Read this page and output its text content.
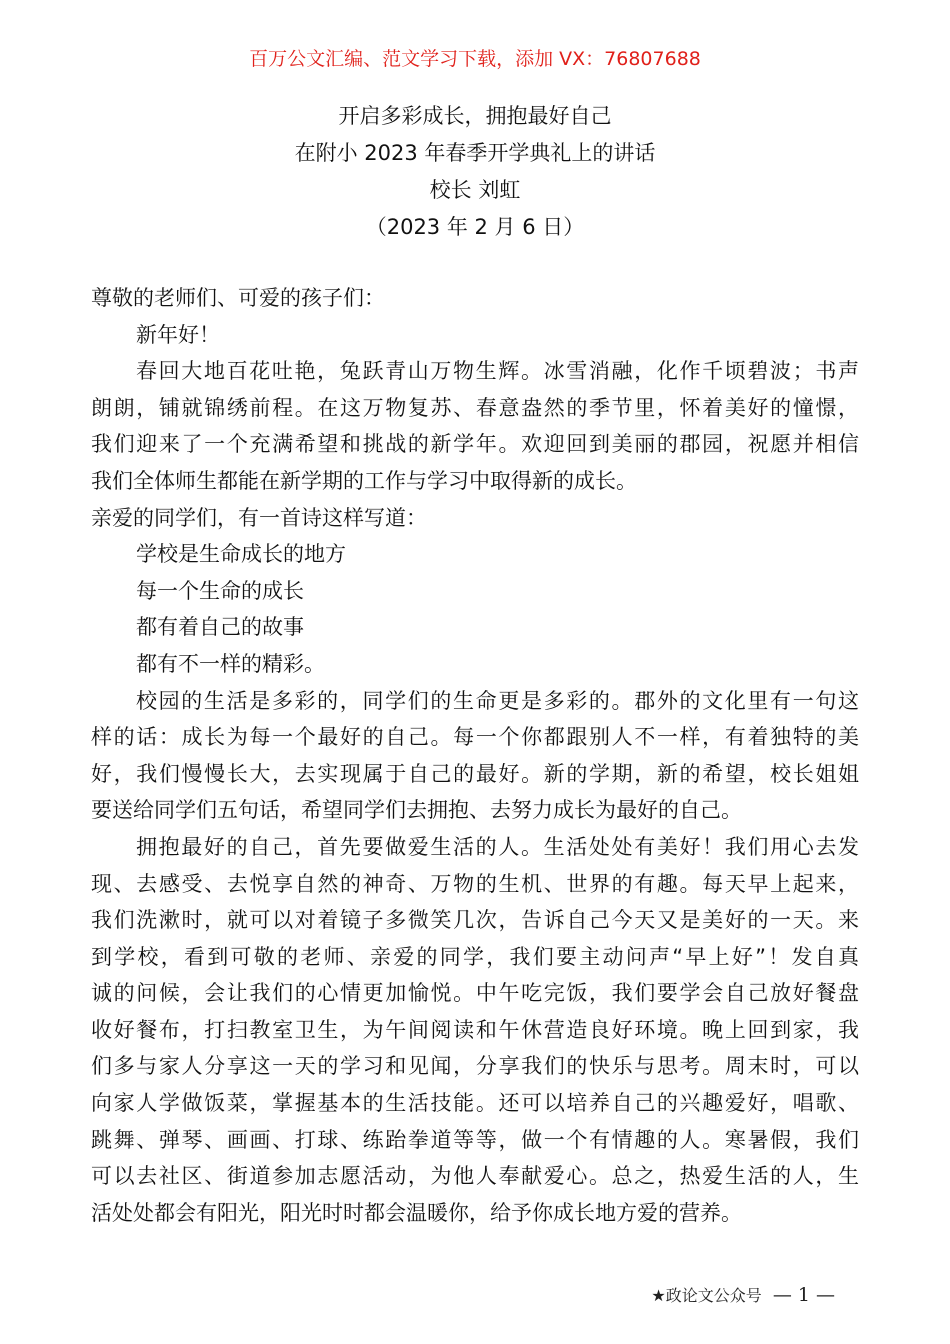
百万公文汇编、范文学习下载，添加 VX：76807688
开启多彩成长，拥抱最好自己
在附小 2023 年春季开学典礼上的讲话
校长 刘虹
（2023 年 2 月 6 日）
尊敬的老师们、可爱的孩子们：
新年好！
春回大地百花吐艳，兔跃青山万物生辉。冰雪消融，化作千顷碧波；书声
朗朗，铺就锦绣前程。在这万物复苏、春意盎然的季节里，怀着美好的憧憬，
我们迎来了一个充满希望和挑战的新学年。欢迎回到美丽的郡园，祝愿并相信
我们全体师生都能在新学期的工作与学习中取得新的成长。
亲爱的同学们，有一首诗这样写道：
学校是生命成长的地方
每一个生命的成长
都有着自己的故事
都有不一样的精彩。
校园的生活是多彩的，同学们的生命更是多彩的。郡外的文化里有一句这
样的话：成长为每一个最好的自己。每一个你都跟别人不一样，有着独特的美
好，我们慢慢长大，去实现属于自己的最好。新的学期，新的希望，校长姐姐
要送给同学们五句话，希望同学们去拥抱、去努力成长为最好的自己。
拥抱最好的自己，首先要做爱生活的人。生活处处有美好！我们用心去发
现、去感受、去悦享自然的神奇、万物的生机、世界的有趣。每天早上起来，
我们洗漱时，就可以对着镜子多微笑几次，告诉自己今天又是美好的一天。来
到学校，看到可敬的老师、亲爱的同学，我们要主动问声“早上好”！发自真
诚的问候，会让我们的心情更加愉悦。中午吃完饭，我们要学会自己放好餐盘
收好餐布，打扫教室卫生，为午间阅读和午休营造良好环境。晚上回到家，我
们多与家人分享这一天的学习和见闻，分享我们的快乐与思考。周末时，可以
向家人学做饭菜，掌握基本的生活技能。还可以培养自己的兴趣爱好，唱歌、
跳舞、弹琴、画画、打球、练跆拳道等等，做一个有情趣的人。寒暑假，我们
可以去社区、街道参加志愿活动，为他人奉献爱心。总之，热爱生活的人，生
活处处都会有阳光，阳光时时都会温暖你，给予你成长地方爱的营养。
★政论文公众号 — 1 —
